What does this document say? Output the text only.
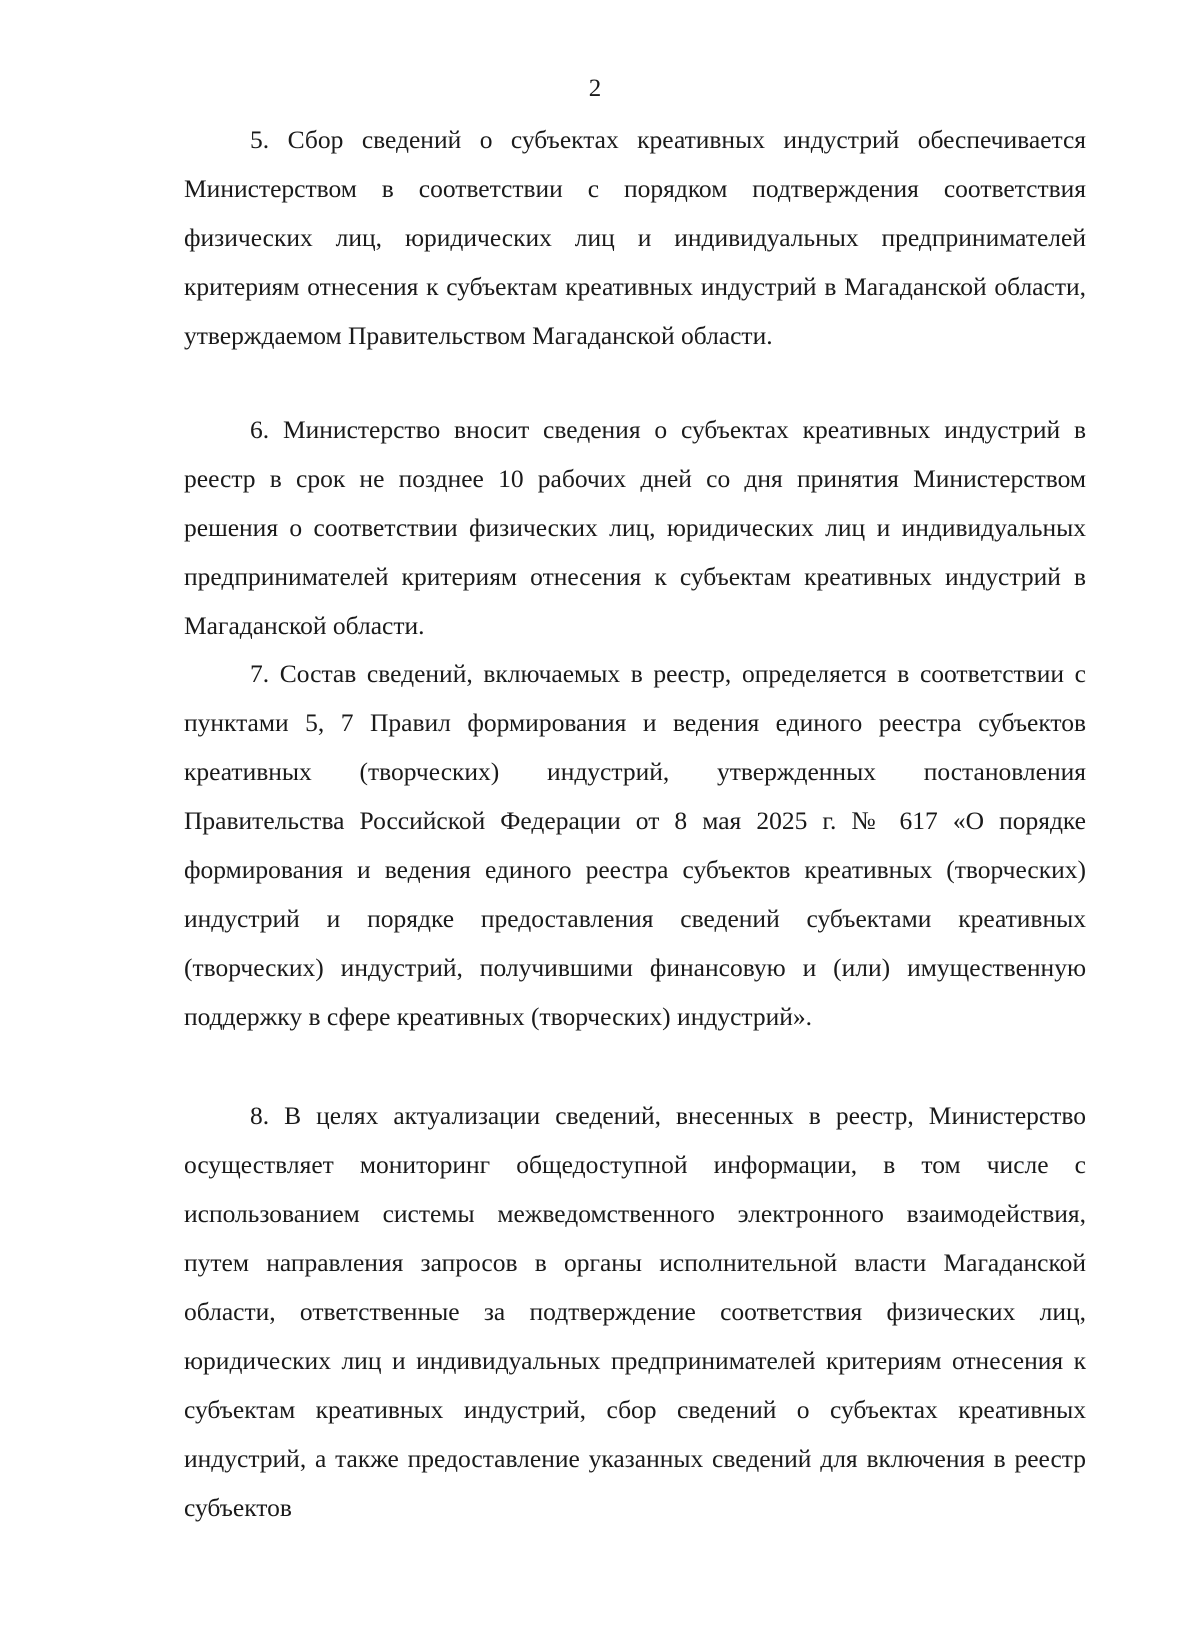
2

5. Сбор сведений о субъектах креативных индустрий обеспечивается Министерством в соответствии с порядком подтверждения соответствия физических лиц, юридических лиц и индивидуальных предпринимателей критериям отнесения к субъектам креативных индустрий в Магаданской области, утверждаемом Правительством Магаданской области.

6. Министерство вносит сведения о субъектах креативных индустрий в реестр в срок не позднее 10 рабочих дней со дня принятия Министерством решения о соответствии физических лиц, юридических лиц и индивидуальных предпринимателей критериям отнесения к субъектам креативных индустрий в Магаданской области.

7. Состав сведений, включаемых в реестр, определяется в соответствии с пунктами 5, 7 Правил формирования и ведения единого реестра субъектов креативных (творческих) индустрий, утвержденных постановления Правительства Российской Федерации от 8 мая 2025 г. № 617 «О порядке формирования и ведения единого реестра субъектов креативных (творческих) индустрий и порядке предоставления сведений субъектами креативных (творческих) индустрий, получившими финансовую и (или) имущественную поддержку в сфере креативных (творческих) индустрий».

8. В целях актуализации сведений, внесенных в реестр, Министерство осуществляет мониторинг общедоступной информации, в том числе с использованием системы межведомственного электронного взаимодействия, путем направления запросов в органы исполнительной власти Магаданской области, ответственные за подтверждение соответствия физических лиц, юридических лиц и индивидуальных предпринимателей критериям отнесения к субъектам креативных индустрий, сбор сведений о субъектах креативных индустрий, а также предоставление указанных сведений для включения в реестр субъектов
